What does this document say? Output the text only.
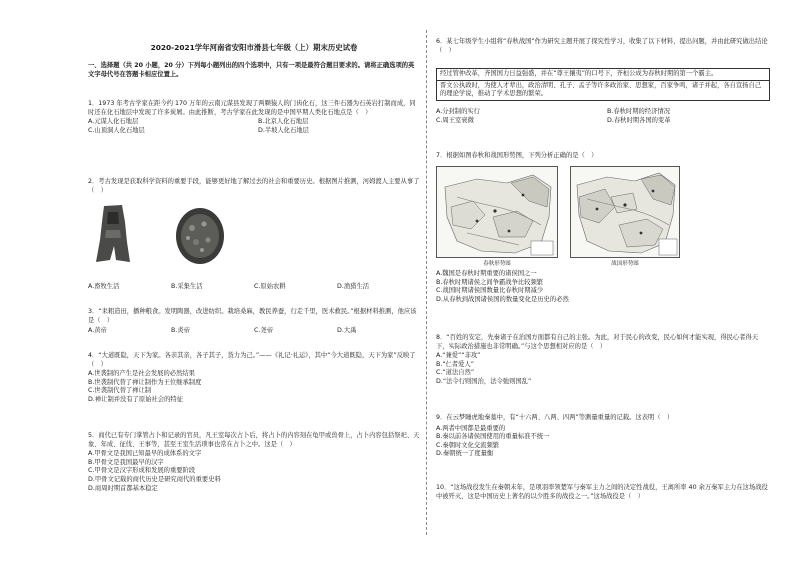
2020-2021学年河南省安阳市滑县七年级（上）期末历史试卷
一、选择题（共 20 小题，20 分）下列每小题列出的四个选项中，只有一项是最符合题目要求的。请将正确选项的英文字母代号在答题卡相应位置上。
1．1973 年考古学家在距今约 170 万年的云南元谋县发现了两颗猿人的门齿化石，这三件石器为石英岩打制而成，同时还在化石地层中发现了许多炭屑。由此推断，考古学家在此发现的是中国早期人类化石地点是（　）
A.元谋人化石地层	B.北京人化石地层
C.山顶洞人化石地层	D.半坡人化石地层
2．考古发现是获取科学资料的重要手段，能够更好地了解过去的社会和重要历史。根据图片推测，河姆渡人主要从事了（　）
A.畜牧生活	B.采集生活	C.原始农耕	D.渔猎生活
3．“耒耜造田，播种粮食。发明陶器，改进纺织。栽培桑麻，教民养蚕，行走千里，医术救民。”根据材料推测，他应该是（　）
A.黄帝	B.炎帝	C.尧帝	D.大禹
4．“大道既隐，天下为家。各亲其亲，各子其子，货力为己。”——《礼记·礼运》，其中“今大道既隐，天下为家”反映了（　）
A.世袭制的产生是社会发展的必然结果
B.世袭制代替了禅让制作为王位继承制度
C.世袭制代替了禅让制
D.禅让制并没有了原始社会的特征
5．商代已有专门掌管占卜和记录的官员，凡王室每次占卜后，将占卜的内容刻在龟甲或兽骨上，占卜内容包括祭祀、天象、年成、征伐、王事等，甚至王室生活琐事也常在占卜之中。这是（　）
A.甲骨文是我国已知最早的成体系的文字
B.甲骨文是我国最早的汉字
C.甲骨文是汉字形成和发展的重要阶段
D.甲骨文记载的商代历史是研究商代的重要史料
D.商周时期首都基本稳定
6．某七年级学生小组将“春秋战国”作为研究主题开展了探究性学习，收集了以下材料，提出问题，并由此研究做出结论（　）
经过管仲改革，齐国国力日益强盛，并在“尊王攘夷”的口号下，齐桓公成为春秋时期的第一个霸主。
晋文公执政时，为使人才辈出，政治清明、孔子、孟子等许多政治家、思想家，百家争鸣，诸子并起，各自宣扬自己的理论学说，推动了学术思想的繁荣。
A.分封制的实行	B.春秋时期的经济情况
C.周王室衰微	D.春秋时期各国的变革
7．根据如图春秋和战国形势图，下列分析正确的是（　）
春秋形势图	战国形势图
A.魏国是春秋时期重要的诸侯国之一
B.春秋时期诸侯之间争霸战争比较频繁
C.战国时期诸侯国数量比春秋时期减少
D.从春秋到战国诸侯国的数量变化是历史的必然
8．“百姓的安定，先秦诸子在治国方面都有自己的主张。为此，对于民心的改变，民心如何才能实现，得民心者得天下，实际政治措施也非常明确。”与这个思想相对应的是（　）
A.“兼爱”“非攻”
B.“仁者爱人”
C.“道法自然”
D.“法令行则国治，法令弛则国乱”
9．在云梦睡虎地秦墓中，有“十六两、八两、四两”等测量重量的记载。这表明（　）
A.两者中国都是最重要的
B.秦以前各诸侯国使用的重量标准不统一
C.秦朝时文化交流频繁
D.秦朝统一了度量衡
10．“这场战役发生在秦朝末年，是项羽率领楚军与秦军主力之间的决定性战役，王离所率 40 余万秦军主力在这场战役中被歼灭，这是中国历史上著名的以少胜多的战役之一。”这场战役是（　）
